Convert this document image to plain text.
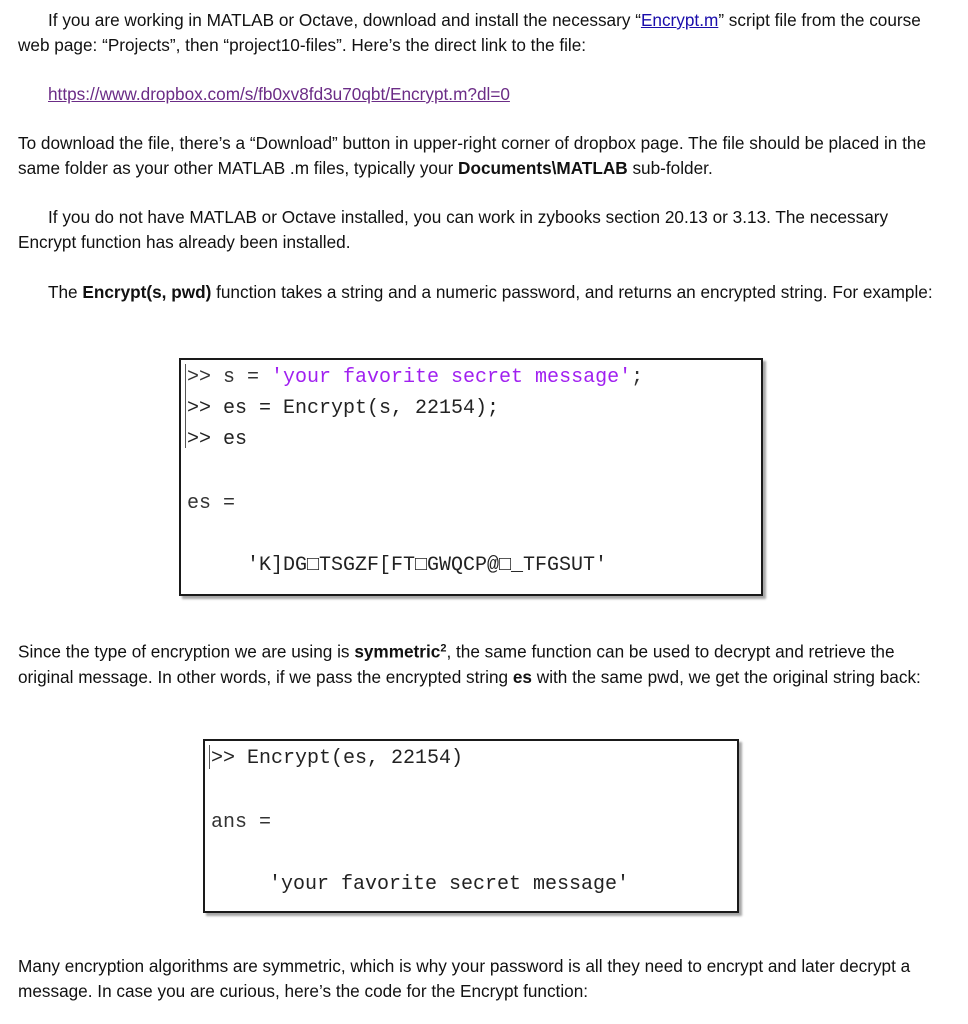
If you are working in MATLAB or Octave, download and install the necessary “Encrypt.m” script file from the course web page: “Projects”, then “project10-files”. Here’s the direct link to the file:

https://www.dropbox.com/s/fb0xv8fd3u70qbt/Encrypt.m?dl=0

To download the file, there’s a “Download” button in upper-right corner of dropbox page. The file should be placed in the same folder as your other MATLAB .m files, typically your Documents\MATLAB sub-folder.

If you do not have MATLAB or Octave installed, you can work in zybooks section 20.13 or 3.13. The necessary Encrypt function has already been installed.

The Encrypt(s, pwd) function takes a string and a numeric password, and returns an encrypted string. For example:

>> s = 'your favorite secret message';
>> es = Encrypt(s, 22154);
>> es
es =
'K]DG□TSGZF[FT□GWQCP@□_TFGSUT'

Since the type of encryption we are using is symmetric$^2$, the same function can be used to decrypt and retrieve the original message. In other words, if we pass the encrypted string es with the same pwd, we get the original string back:

>> Encrypt(es, 22154)
ans =
'your favorite secret message'

Many encryption algorithms are symmetric, which is why your password is all they need to encrypt and later decrypt a message. In case you are curious, here’s the code for the Encrypt function:
